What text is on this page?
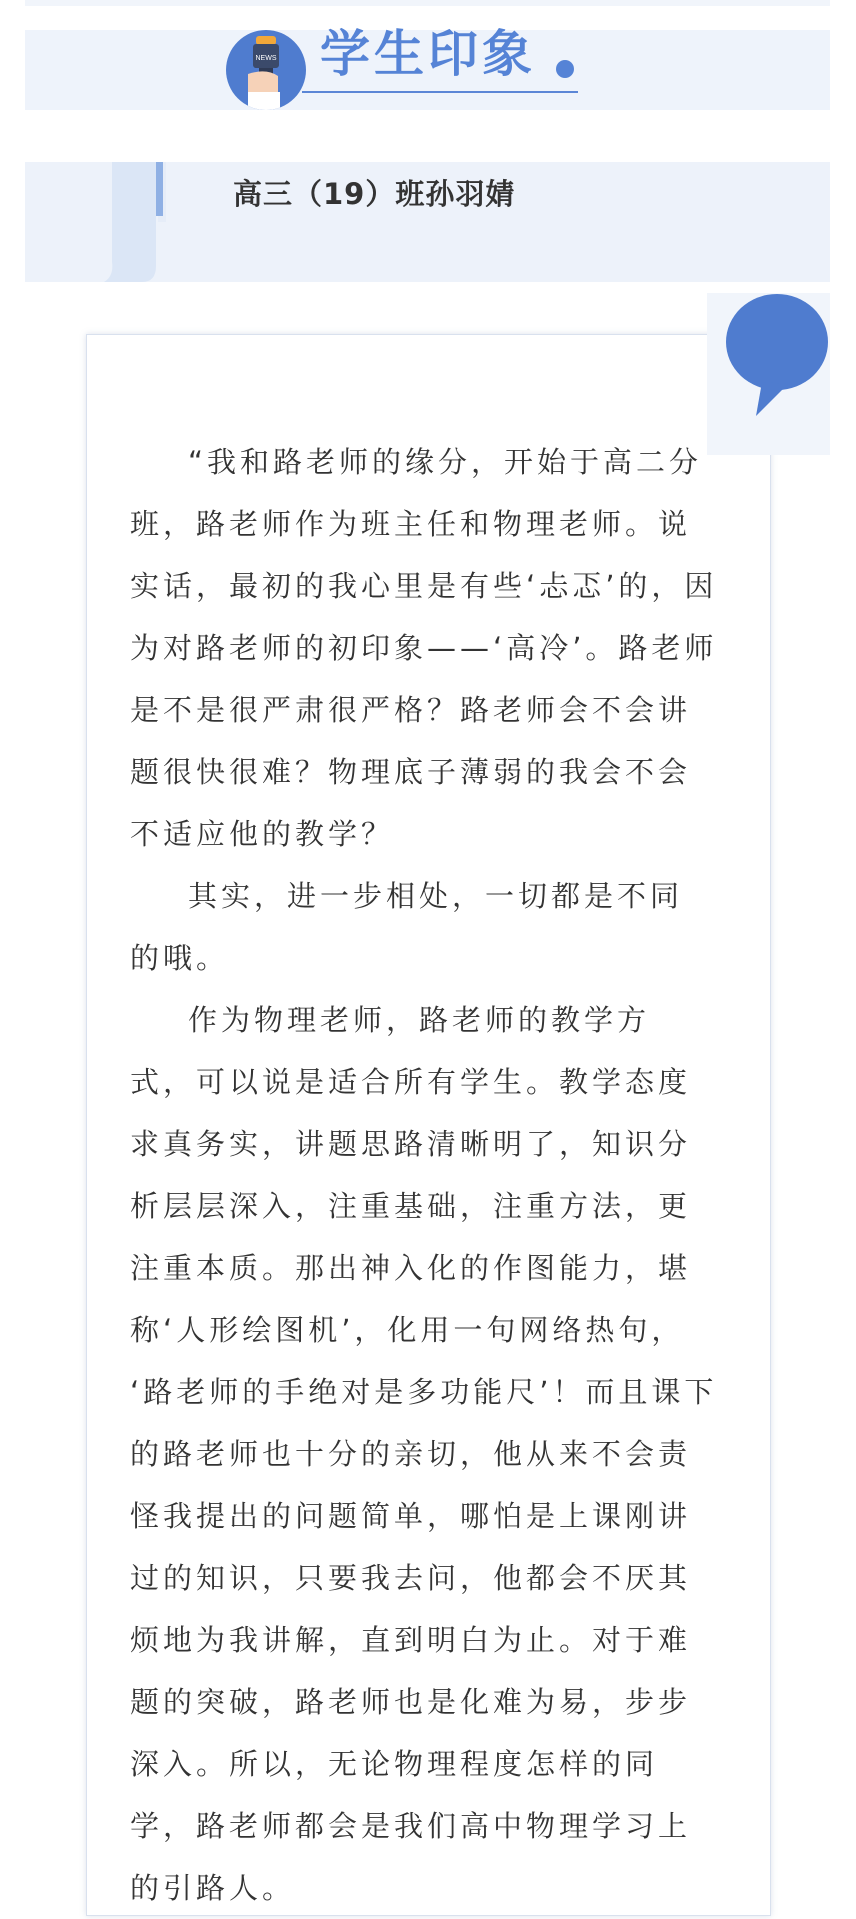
NEWS 学生印象
高三（19）班孙羽婧
“我和路老师的缘分，开始于高二分
班，路老师作为班主任和物理老师。说
实话，最初的我心里是有些‘忐忑’的，因
为对路老师的初印象——‘高冷’。路老师
是不是很严肃很严格？路老师会不会讲
题很快很难？物理底子薄弱的我会不会
不适应他的教学？
其实，进一步相处，一切都是不同
的哦。
作为物理老师，路老师的教学方
式，可以说是适合所有学生。教学态度
求真务实，讲题思路清晰明了，知识分
析层层深入，注重基础，注重方法，更
注重本质。那出神入化的作图能力，堪
称‘人形绘图机’，化用一句网络热句，
‘路老师的手绝对是多功能尺’！而且课下
的路老师也十分的亲切，他从来不会责
怪我提出的问题简单，哪怕是上课刚讲
过的知识，只要我去问，他都会不厌其
烦地为我讲解，直到明白为止。对于难
题的突破，路老师也是化难为易，步步
深入。所以，无论物理程度怎样的同
学，路老师都会是我们高中物理学习上
的引路人。
